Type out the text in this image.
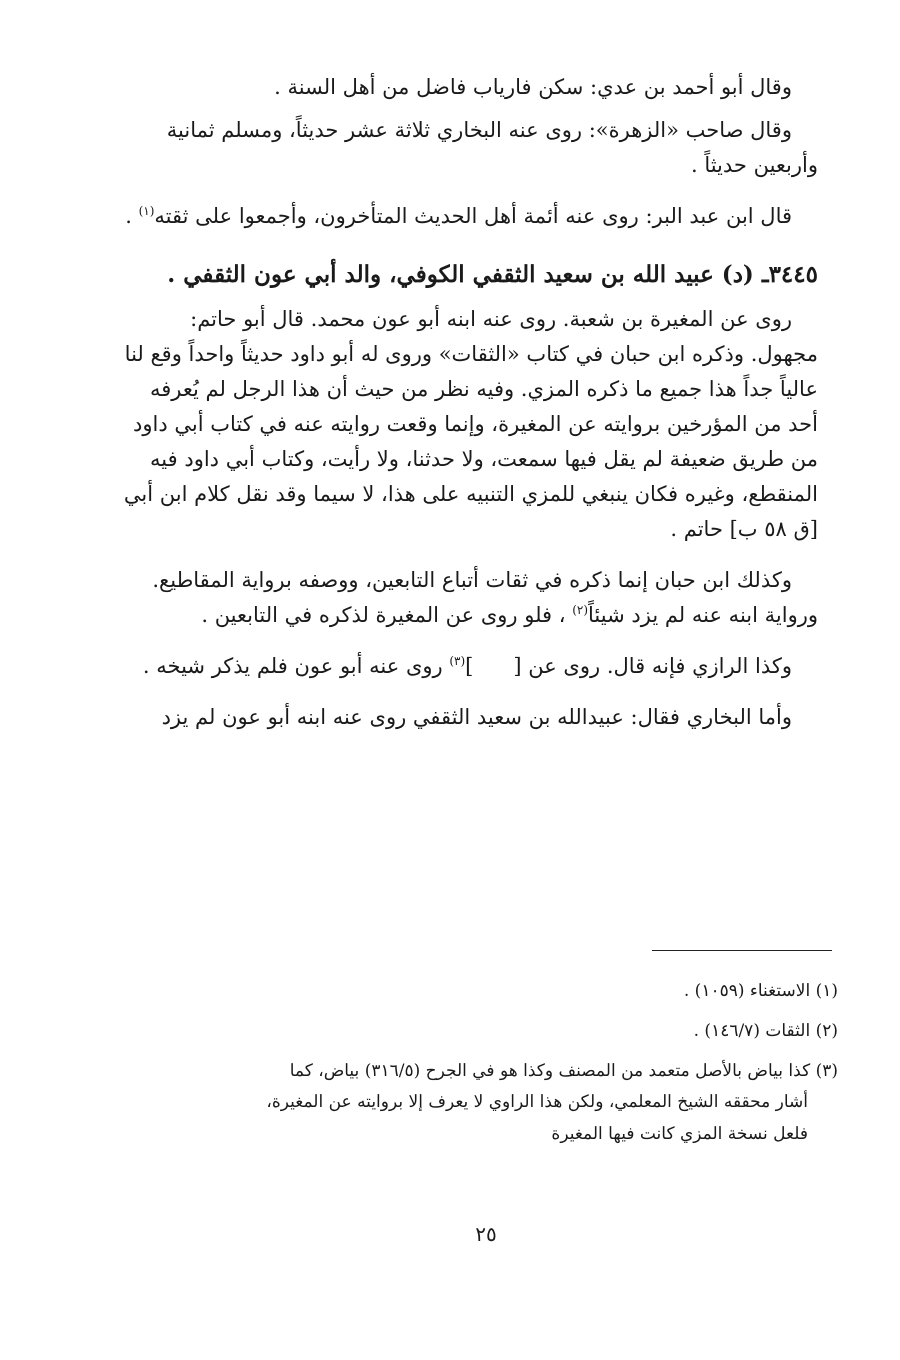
وقال أبو أحمد بن عدي: سكن فارياب فاضل من أهل السنة .

وقال صاحب «الزهرة»: روى عنه البخاري ثلاثة عشر حديثاً، ومسلم ثمانية وأربعين حديثاً .

قال ابن عبد البر: روى عنه أئمة أهل الحديث المتأخرون، وأجمعوا على ثقته$^{(١)}$ .

٣٤٤٥ـ (د) عبيد الله بن سعيد الثقفي الكوفي، والد أبي عون الثقفي .

روى عن المغيرة بن شعبة. روى عنه ابنه أبو عون محمد. قال أبو حاتم: مجهول. وذكره ابن حبان في كتاب «الثقات» وروى له أبو داود حديثاً واحداً وقع لنا عالياً جداً هذا جميع ما ذكره المزي. وفيه نظر من حيث أن هذا الرجل لم يُعرفه أحد من المؤرخين بروايته عن المغيرة، وإنما وقعت روايته عنه في كتاب أبي داود من طريق ضعيفة لم يقل فيها سمعت، ولا حدثنا، ولا رأيت، وكتاب أبي داود فيه المنقطع، وغيره فكان ينبغي للمزي التنبيه على هذا، لا سيما وقد نقل كلام ابن أبي [ق ٥٨ ب] حاتم .

وكذلك ابن حبان إنما ذكره في ثقات أتباع التابعين، ووصفه برواية المقاطيع. ورواية ابنه عنه لم يزد شيئاً$^{(٢)}$ ، فلو روى عن المغيرة لذكره في التابعين .

وكذا الرازي فإنه قال. روى عن []$^{(٣)}$ روى عنه أبو عون فلم يذكر شيخه .

وأما البخاري فقال: عبيدالله بن سعيد الثقفي روى عنه ابنه أبو عون لم يزد

(١) الاستغناء (١٠٥٩) .

(٢) الثقات (١٤٦/٧) .

(٣) كذا بياض بالأصل متعمد من المصنف وكذا هو في الجرح (٣١٦/٥) بياض، كما

أشار محققه الشيخ المعلمي، ولكن هذا الراوي لا يعرف إلا بروايته عن المغيرة،

فلعل نسخة المزي كانت فيها المغيرة

٢٥
